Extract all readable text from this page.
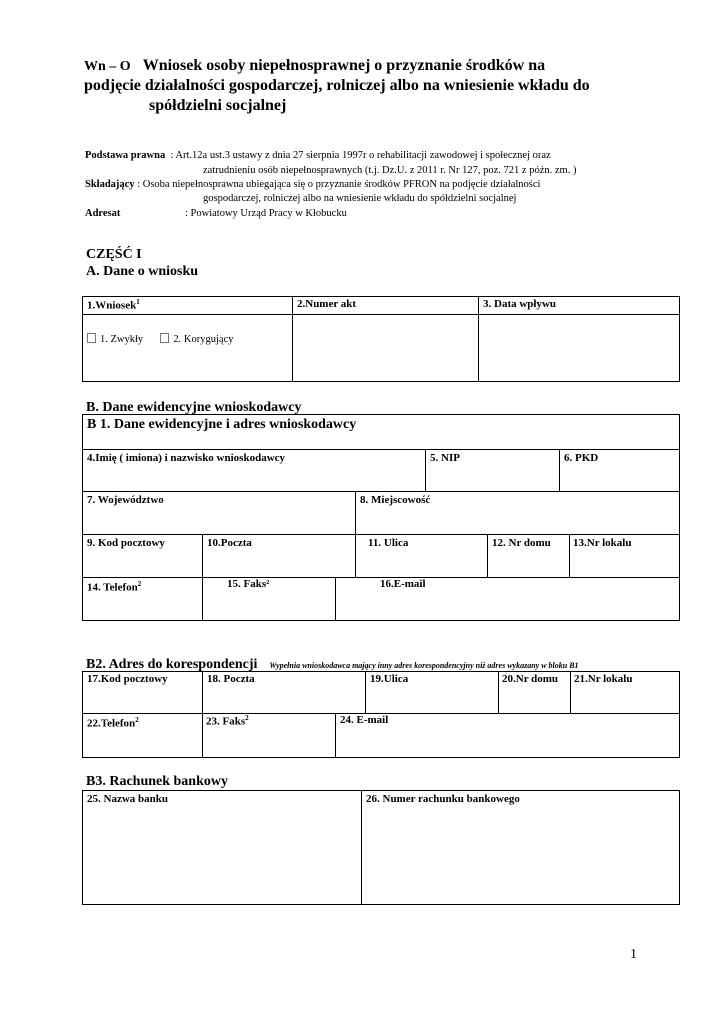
Wn – O Wniosek osoby niepełnosprawnej o przyznanie środków na
podjęcie działalności gospodarczej, rolniczej albo na wniesienie wkładu do
spółdzielni socjalnej
Podstawa prawna : Art.12a ust.3 ustawy z dnia 27 sierpnia 1997r o rehabilitacji zawodowej i społecznej oraz
zatrudnieniu osób niepełnosprawnych (t.j. Dz.U. z 2011 r. Nr 127, poz. 721 z późn. zm. )
Składający : Osoba niepełnosprawna ubiegająca się o przyznanie środków PFRON na podjęcie działalności
gospodarczej, rolniczej albo na wniesienie wkładu do spółdzielni socjalnej
Adresat	: Powiatowy Urząd Pracy w Kłobucku
CZĘŚĆ I
A. Dane o wniosku
1.Wniosek$^1$	2.Numer akt	3. Data wpływu
1. Zwykły	2. Korygujący
B. Dane ewidencyjne wnioskodawcy
B 1. Dane ewidencyjne i adres wnioskodawcy
4.Imię ( imiona) i nazwisko wnioskodawcy	5. NIP	6. PKD
7. Województwo	8. Miejscowość
9. Kod pocztowy	10.Poczta	11. Ulica	12. Nr domu 13.Nr lokalu
14. Telefon$^2$	15. Faks²	16.E-mail
B2. Adres do korespondencji Wypełnia wnioskodawca mający inny adres korespondencyjny niż adres wykazany w bloku B1
17.Kod pocztowy	18. Poczta	19.Ulica	20.Nr domu 21.Nr lokalu
22.Telefon$^2$	23. Faks$^2$	24. E-mail
B3. Rachunek bankowy
25. Nazwa banku	26. Numer rachunku bankowego
1
